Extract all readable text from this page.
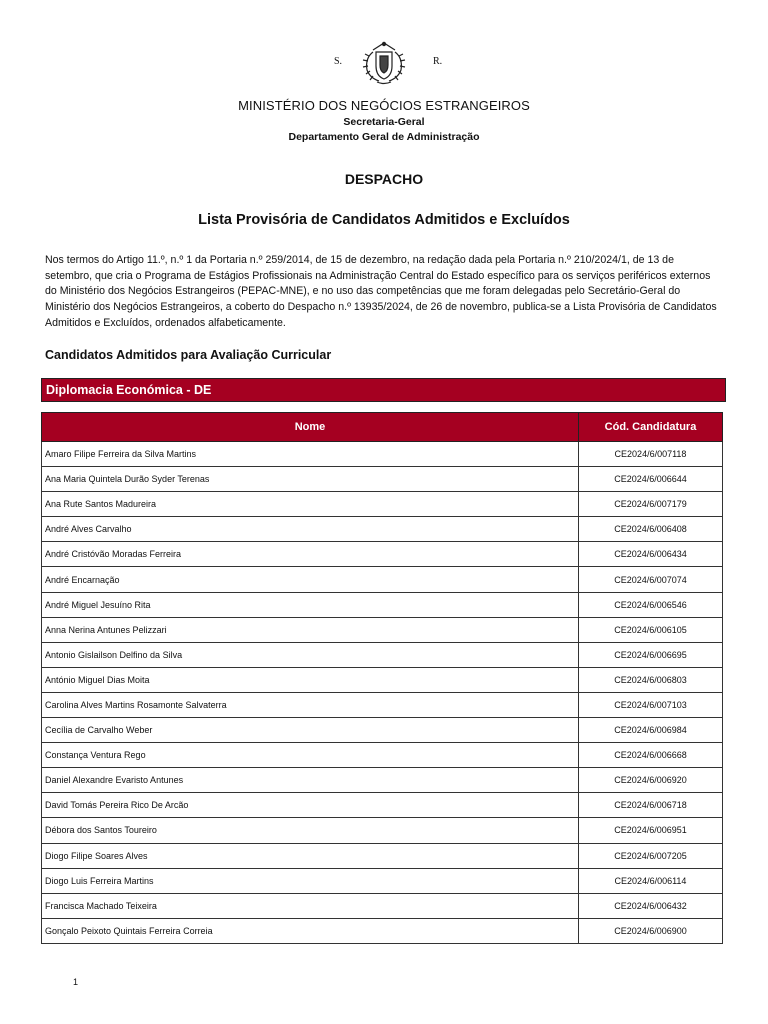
S.	R.
MINISTÉRIO DOS NEGÓCIOS ESTRANGEIROS
Secretaria-Geral
Departamento Geral de Administração
DESPACHO
Lista Provisória de Candidatos Admitidos e Excluídos
Nos termos do Artigo 11.º, n.º 1 da Portaria n.º 259/2014, de 15 de dezembro, na redação dada pela Portaria n.º 210/2024/1, de 13 de setembro, que cria o Programa de Estágios Profissionais na Administração Central do Estado específico para os serviços periféricos externos do Ministério dos Negócios Estrangeiros (PEPAC-MNE), e no uso das competências que me foram delegadas pelo Secretário-Geral do Ministério dos Negócios Estrangeiros, a coberto do Despacho n.º 13935/2024, de 26 de novembro, publica-se a Lista Provisória de Candidatos Admitidos e Excluídos, ordenados alfabeticamente.
Candidatos Admitidos para Avaliação Curricular
Diplomacia Económica - DE
Nome	Cód. Candidatura
Amaro Filipe Ferreira da Silva Martins	CE2024/6/007118
Ana Maria Quintela Durão Syder Terenas	CE2024/6/006644
Ana Rute Santos Madureira	CE2024/6/007179
André Alves Carvalho	CE2024/6/006408
André Cristóvão Moradas Ferreira	CE2024/6/006434
André Encarnação	CE2024/6/007074
André Miguel Jesuíno Rita	CE2024/6/006546
Anna Nerina Antunes Pelizzari	CE2024/6/006105
Antonio Gislailson Delfino da Silva	CE2024/6/006695
António Miguel Dias Moita	CE2024/6/006803
Carolina Alves Martins Rosamonte Salvaterra	CE2024/6/007103
Cecília de Carvalho Weber	CE2024/6/006984
Constança Ventura Rego	CE2024/6/006668
Daniel Alexandre Evaristo Antunes	CE2024/6/006920
David Tomás Pereira Rico De Arcão	CE2024/6/006718
Débora dos Santos Toureiro	CE2024/6/006951
Diogo Filipe Soares Alves	CE2024/6/007205
Diogo Luis Ferreira Martins	CE2024/6/006114
Francisca Machado Teixeira	CE2024/6/006432
Gonçalo Peixoto Quintais Ferreira Correia	CE2024/6/006900
1
